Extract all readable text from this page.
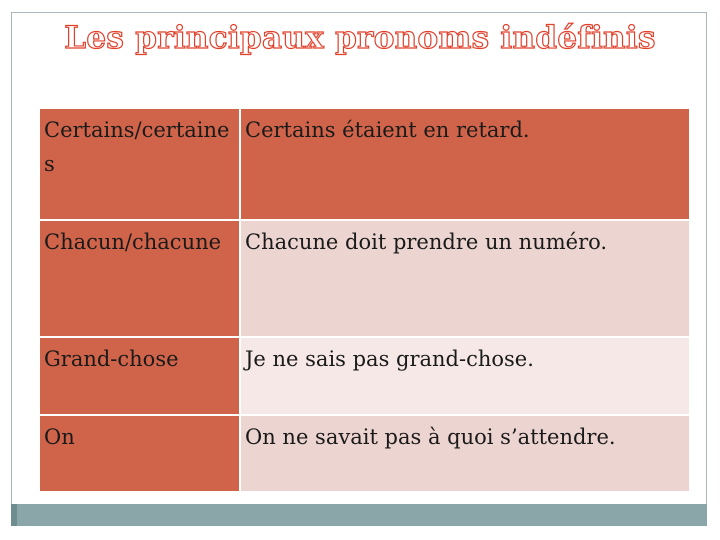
Les principaux pronoms indéfinis
Certains/certaines	Certains étaient en retard.
Chacun/chacune	Chacune doit prendre un numéro.
Grand-chose	Je ne sais pas grand-chose.
On	On ne savait pas à quoi s’attendre.
